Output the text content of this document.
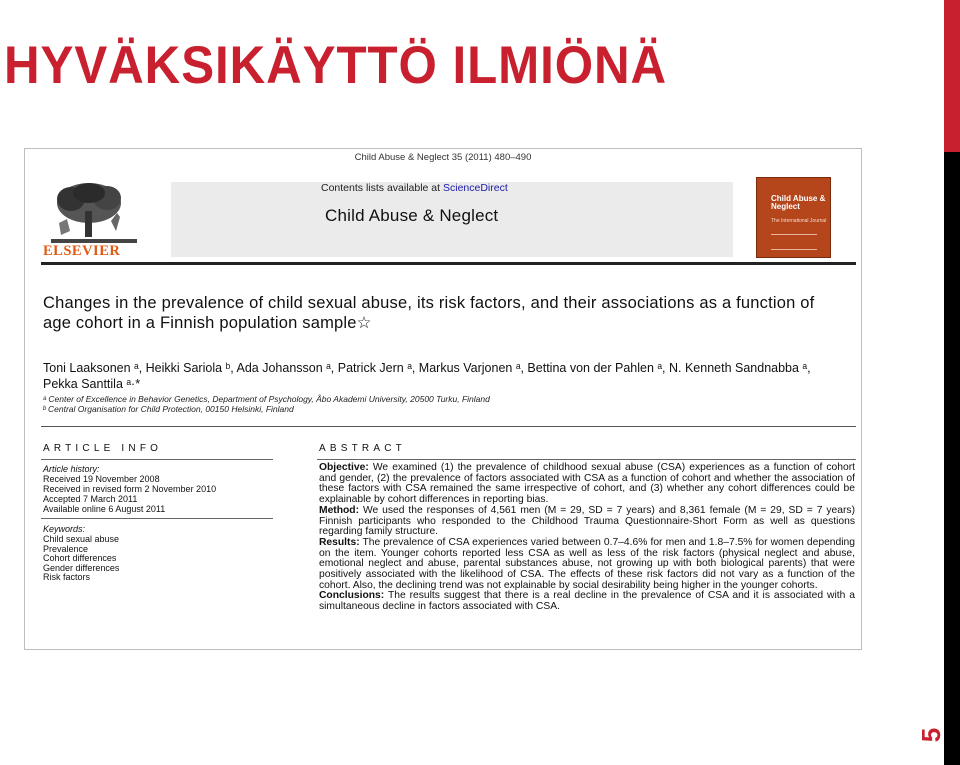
HYVÄKSIKÄYTTÖ ILMIÖNÄ
5
Child Abuse & Neglect 35 (2011) 480–490
ELSEVIER
Contents lists available at ScienceDirect
Child Abuse & Neglect
Child Abuse & Neglect
The International Journal
Changes in the prevalence of child sexual abuse, its risk factors, and their associations as a function of age cohort in a Finnish population sample☆
Toni Laaksonen ᵃ, Heikki Sariola ᵇ, Ada Johansson ᵃ, Patrick Jern ᵃ, Markus Varjonen ᵃ, Bettina von der Pahlen ᵃ, N. Kenneth Sandnabba ᵃ, Pekka Santtila ᵃ·*
ᵃ Center of Excellence in Behavior Genetics, Department of Psychology, Åbo Akademi University, 20500 Turku, Finland
ᵇ Central Organisation for Child Protection, 00150 Helsinki, Finland
ARTICLE INFO	ABSTRACT
Article history:
Received 19 November 2008
Received in revised form 2 November 2010
Accepted 7 March 2011
Available online 6 August 2011
Keywords:
Child sexual abuse
Prevalence
Cohort differences
Gender differences
Risk factors
Objective: We examined (1) the prevalence of childhood sexual abuse (CSA) experiences as a function of cohort and gender, (2) the prevalence of factors associated with CSA as a function of cohort and whether the association of these factors with CSA remained the same irrespective of cohort, and (3) whether any cohort differences could be explainable by cohort differences in reporting bias.
Method: We used the responses of 4,561 men (M = 29, SD = 7 years) and 8,361 female (M = 29, SD = 7 years) Finnish participants who responded to the Childhood Trauma Questionnaire-Short Form as well as questions regarding family structure.
Results: The prevalence of CSA experiences varied between 0.7–4.6% for men and 1.8–7.5% for women depending on the item. Younger cohorts reported less CSA as well as less of the risk factors (physical neglect and abuse, emotional neglect and abuse, parental substances abuse, not growing up with both biological parents) that were positively associated with the likelihood of CSA. The effects of these risk factors did not vary as a function of the cohort. Also, the declining trend was not explainable by social desirability being higher in the younger cohorts.
Conclusions: The results suggest that there is a real decline in the prevalence of CSA and it is associated with a simultaneous decline in factors associated with CSA.
